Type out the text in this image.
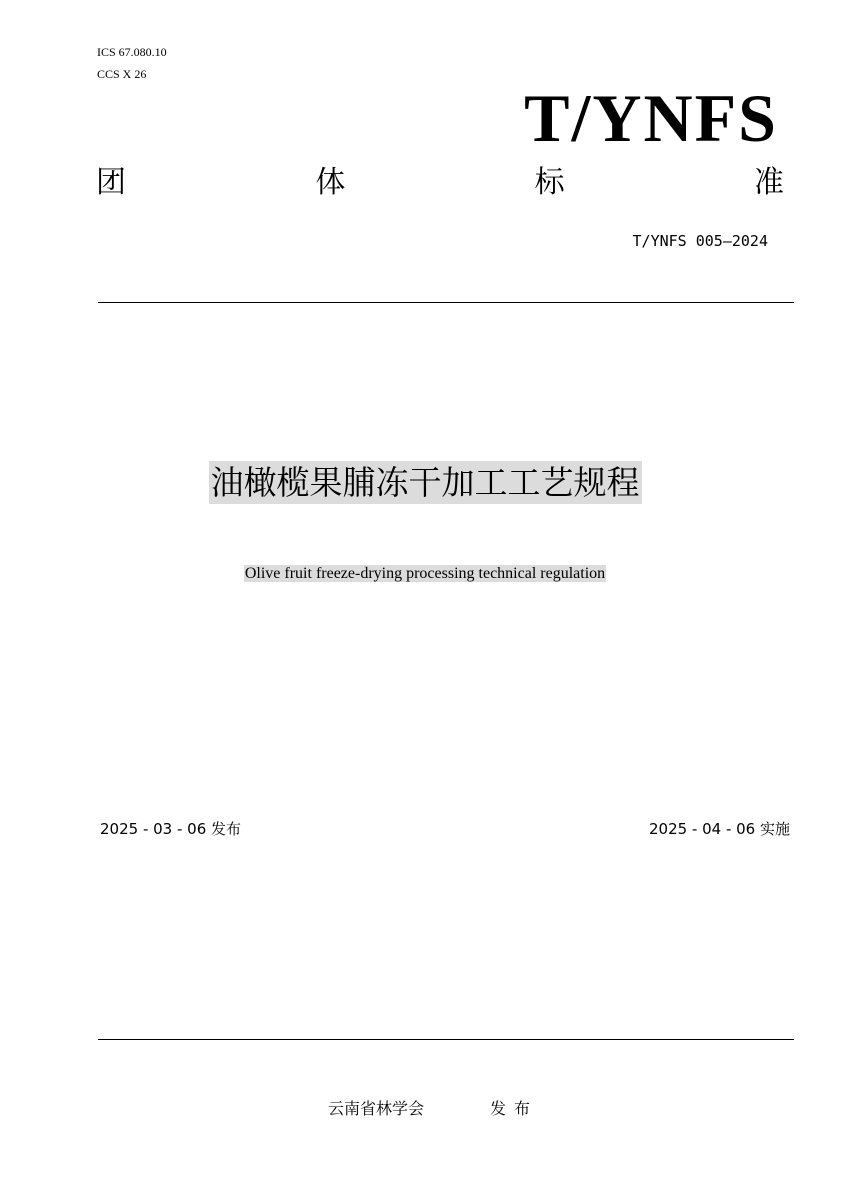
ICS 67.080.10
CCS X 26
T/YNFS
团	体	标	准
T/YNFS 005—2024
油橄榄果脯冻干加工工艺规程
Olive fruit freeze-drying processing technical regulation
2025 - 03 - 06 发布	2025 - 04 - 06 实施
云南省林学会	发布
